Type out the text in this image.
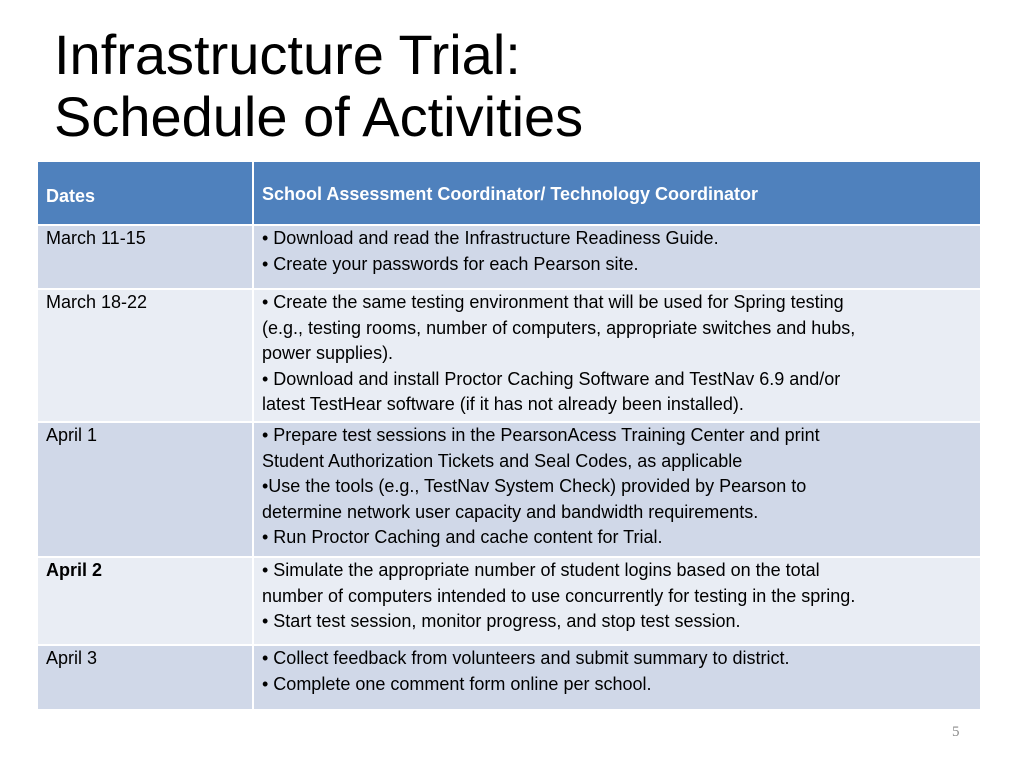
Infrastructure Trial:
Schedule of Activities
Dates	School Assessment Coordinator/ Technology Coordinator
March 11-15	• Download and read the Infrastructure Readiness Guide.
• Create your passwords for each Pearson site.

March 18-22	• Create the same testing environment that will be used for Spring testing
(e.g., testing rooms, number of computers, appropriate switches and hubs,
power supplies).
• Download and install Proctor Caching Software and TestNav 6.9 and/or
latest TestHear software (if it has not already been installed).

April 1	• Prepare test sessions in the PearsonAcess Training Center and print
Student Authorization Tickets and Seal Codes, as applicable
•Use the tools (e.g., TestNav System Check) provided by Pearson to
determine network user capacity and bandwidth requirements.
• Run Proctor Caching and cache content for Trial.

April 2	• Simulate the appropriate number of student logins based on the total
number of computers intended to use concurrently for testing in the spring.
• Start test session, monitor progress, and stop test session.

April 3	• Collect feedback from volunteers and submit summary to district.
• Complete one comment form online per school.
5
